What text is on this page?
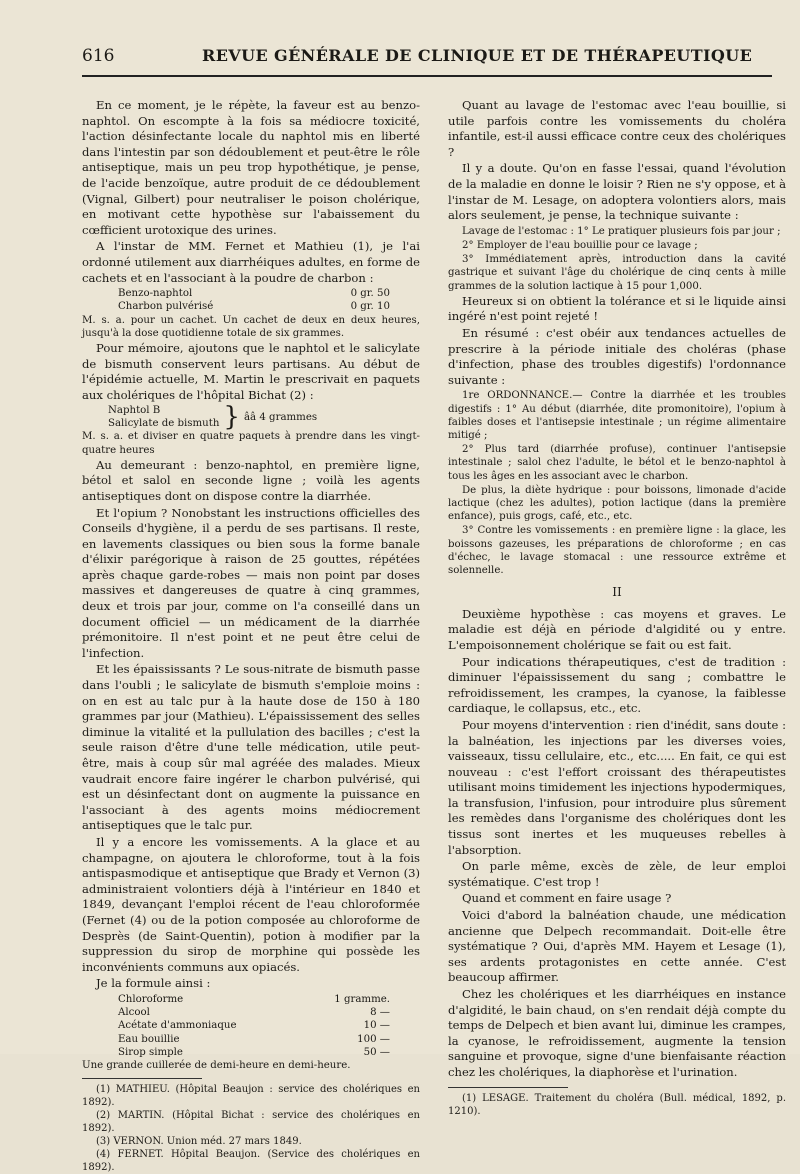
616	REVUE GÉNÉRALE DE CLINIQUE ET DE THÉRAPEUTIQUE

En ce moment, je le répète, la faveur est au benzo-naphtol. On escompte à la fois sa médiocre toxicité, l'action désinfectante locale du naphtol mis en liberté dans l'intestin par son dédoublement et peut-être le rôle antiseptique, mais un peu trop hypothétique, je pense, de l'acide benzoïque, autre produit de ce dédoublement (Vignal, Gilbert) pour neutraliser le poison cholérique, en motivant cette hypothèse sur l'abaissement du cœfficient urotoxique des urines.

A l'instar de MM. Fernet et Mathieu (1), je l'ai ordonné utilement aux diarrhéiques adultes, en forme de cachets et en l'associant à la poudre de charbon :

Benzo-naphtol	0 gr. 50
Charbon pulvérisé	0 gr. 10

M. s. a. pour un cachet. Un cachet de deux en deux heures, jusqu'à la dose quotidienne totale de six grammes.

Pour mémoire, ajoutons que le naphtol et le salicylate de bismuth conservent leurs partisans. Au début de l'épidémie actuelle, M. Martin le prescrivait en paquets aux cholériques de l'hôpital Bichat (2) :

Naphtol B
Salicylate de bismuth } ââ 4 grammes

M. s. a. et diviser en quatre paquets à prendre dans les vingt-quatre heures

Au demeurant : benzo-naphtol, en première ligne, bétol et salol en seconde ligne ; voilà les agents antiseptiques dont on dispose contre la diarrhée.

Et l'opium ? Nonobstant les instructions officielles des Conseils d'hygiène, il a perdu de ses partisans. Il reste, en lavements classiques ou bien sous la forme banale d'élixir parégorique à raison de 25 gouttes, répétées après chaque garde-robes — mais non point par doses massives et dangereuses de quatre à cinq grammes, deux et trois par jour, comme on l'a conseillé dans un document officiel — un médicament de la diarrhée prémonitoire. Il n'est point et ne peut être celui de l'infection.

Et les épaississants ? Le sous-nitrate de bismuth passe dans l'oubli ; le salicylate de bismuth s'emploie moins : on en est au talc pur à la haute dose de 150 à 180 grammes par jour (Mathieu). L'épaississement des selles diminue la vitalité et la pullulation des bacilles ; c'est la seule raison d'être d'une telle médication, utile peut-être, mais à coup sûr mal agréée des malades. Mieux vaudrait encore faire ingérer le charbon pulvérisé, qui est un désinfectant dont on augmente la puissance en l'associant à des agents moins médiocrement antiseptiques que le talc pur.

Il y a encore les vomissements. A la glace et au champagne, on ajoutera le chloroforme, tout à la fois antispasmodique et antiseptique que Brady et Vernon (3) administraient volontiers déjà à l'intérieur en 1840 et 1849, devançant l'emploi récent de l'eau chloroformée (Fernet (4) ou de la potion composée au chloroforme de Desprès (de Saint-Quentin), potion à modifier par la suppression du sirop de morphine qui possède les inconvénients communs aux opiacés.

Je la formule ainsi :

Chloroforme	1 gramme.
Alcool	8 —
Acétate d'ammoniaque	10 —
Eau bouillie	100 —
Sirop simple	50 —

Une grande cuillerée de demi-heure en demi-heure.

(1) MATHIEU. (Hôpital Beaujon : service des cholériques en 1892).

(2) MARTIN. (Hôpital Bichat : service des cholériques en 1892).

(3) VERNON. Union méd. 27 mars 1849.

(4) FERNET. Hôpital Beaujon. (Service des cholériques en 1892).

Quant au lavage de l'estomac avec l'eau bouillie, si utile parfois contre les vomissements du choléra infantile, est-il aussi efficace contre ceux des cholériques ?

Il y a doute. Qu'on en fasse l'essai, quand l'évolution de la maladie en donne le loisir ? Rien ne s'y oppose, et à l'instar de M. Lesage, on adoptera volontiers alors, mais alors seulement, je pense, la technique suivante :

Lavage de l'estomac : 1° Le pratiquer plusieurs fois par jour ;

2° Employer de l'eau bouillie pour ce lavage ;

3° Immédiatement après, introduction dans la cavité gastrique et suivant l'âge du cholérique de cinq cents à mille grammes de la solution lactique à 15 pour 1,000.

Heureux si on obtient la tolérance et si le liquide ainsi ingéré n'est point rejeté !

En résumé : c'est obéir aux tendances actuelles de prescrire à la période initiale des choléras (phase d'infection, phase des troubles digestifs) l'ordonnance suivante :

1re ORDONNANCE.— Contre la diarrhée et les troubles digestifs : 1° Au début (diarrhée, dite promonitoire), l'opium à faibles doses et l'antisepsie intestinale ; un régime alimentaire mitigé ;

2° Plus tard (diarrhée profuse), continuer l'antisepsie intestinale ; salol chez l'adulte, le bétol et le benzo-naphtol à tous les âges en les associant avec le charbon.

De plus, la diète hydrique : pour boissons, limonade d'acide lactique (chez les adultes), potion lactique (dans la première enfance), puis grogs, café, etc., etc.

3° Contre les vomissements : en première ligne : la glace, les boissons gazeuses, les préparations de chloroforme ; en cas d'échec, le lavage stomacal : une ressource extrême et solennelle.

II

Deuxième hypothèse : cas moyens et graves. Le maladie est déjà en période d'algidité ou y entre. L'empoisonnement cholérique se fait ou est fait.

Pour indications thérapeutiques, c'est de tradition : diminuer l'épaississement du sang ; combattre le refroidissement, les crampes, la cyanose, la faiblesse cardiaque, le collapsus, etc., etc.

Pour moyens d'intervention : rien d'inédit, sans doute : la balnéation, les injections par les diverses voies, vaisseaux, tissu cellulaire, etc., etc..... En fait, ce qui est nouveau : c'est l'effort croissant des thérapeutistes utilisant moins timidement les injections hypodermiques, la transfusion, l'infusion, pour introduire plus sûrement les remèdes dans l'organisme des cholériques dont les tissus sont inertes et les muqueuses rebelles à l'absorption.

On parle même, excès de zèle, de leur emploi systématique. C'est trop !

Quand et comment en faire usage ?

Voici d'abord la balnéation chaude, une médication ancienne que Delpech recommandait. Doit-elle être systématique ? Oui, d'après MM. Hayem et Lesage (1), ses ardents protagonistes en cette année. C'est beaucoup affirmer.

Chez les cholériques et les diarrhéiques en instance d'algidité, le bain chaud, on s'en rendait déjà compte du temps de Delpech et bien avant lui, diminue les crampes, la cyanose, le refroidissement, augmente la tension sanguine et provoque, signe d'une bienfaisante réaction chez les cholériques, la diaphorèse et l'urination.

(1) LESAGE. Traitement du choléra (Bull. médical, 1892, p. 1210).
